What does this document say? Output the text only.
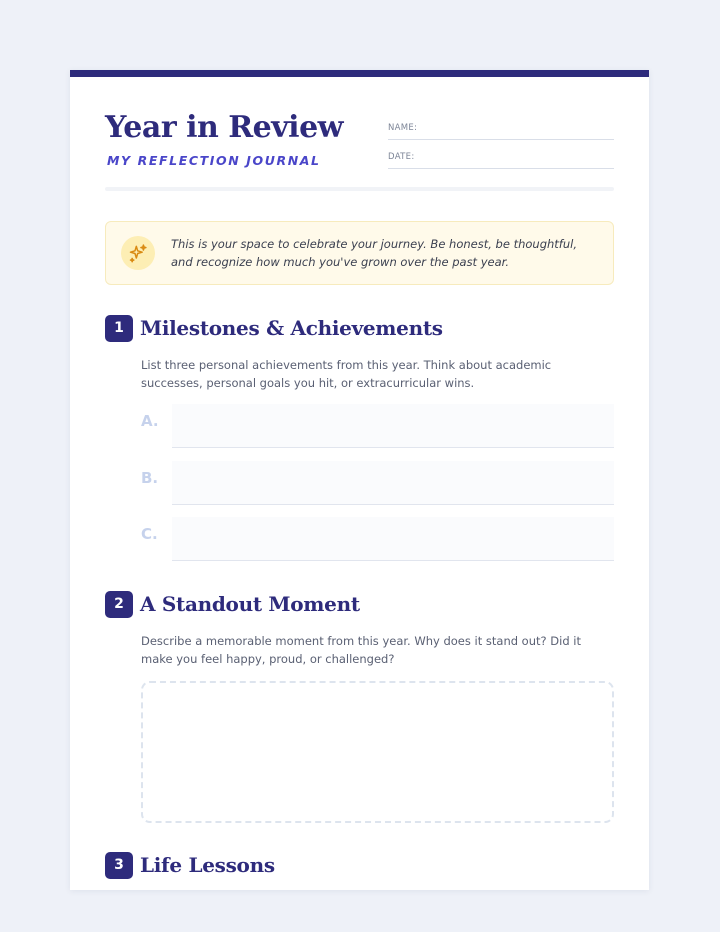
Year in Review
MY REFLECTION JOURNAL
NAME:
DATE:
This is your space to celebrate your journey. Be honest, be thoughtful, and recognize how much you've grown over the past year.
1 Milestones & Achievements
List three personal achievements from this year. Think about academic successes, personal goals you hit, or extracurricular wins.
A.
B.
C.
2 A Standout Moment
Describe a memorable moment from this year. Why does it stand out? Did it make you feel happy, proud, or challenged?
3 Life Lessons
